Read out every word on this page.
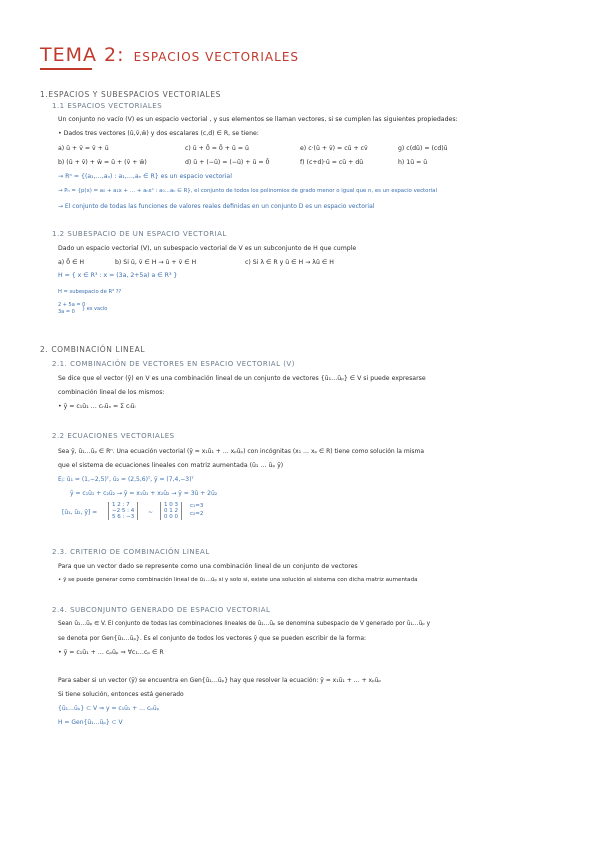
TEMA 2: ESPACIOS VECTORIALES
1.ESPACIOS Y SUBESPACIOS VECTORIALES
1.1 ESPACIOS VECTORIALES
Un conjunto no vacío (V) es un espacio vectorial , y sus elementos se llaman vectores, si se cumplen las siguientes propiedades:
• Dados tres vectores (ū,v̄,w̄) y dos escalares (c,d) ∈ R, se tiene:
a) ū + v̄ = v̄ + ū	c) ū + 0̄ = 0̄ + ū = ū	e) c·(ū + v̄) = cū + cv̄	g) c(dū) = (cd)ū
b) (ū + v̄) + w̄ = ū + (v̄ + w̄)	d) ū + (−ū) = (−ū) + ū = 0̄	f) (c+d)·ū = cū + dū	h) 1ū = ū
→ Rⁿ = {(a₁,…,aₙ) : a₁,…,aₙ ∈ R} es un espacio vectorial
→ Pₙ = {p(x) = a₀ + a₁x + … + aₙxⁿ : a₀…aₙ ∈ R}, el conjunto de todos los polinomios de grado menor o igual que n, es un espacio vectorial
→ El conjunto de todas las funciones de valores reales definidas en un conjunto D es un espacio vectorial
1.2 SUBESPACIO DE UN ESPACIO VECTORIAL
Dado un espacio vectorial (V), un subespacio vectorial de V es un subconjunto de H que cumple
a) 0̄ ∈ H	b) Si ū, v̄ ∈ H → ū + v̄ ∈ H	c) Si λ ∈ R y ū ∈ H → λū ∈ H
H = { x ∈ R³ : x = (3a, 2+5a) a ∈ R³ }
H = subespacio de R³ ??
2 + 5a = 0
3a = 0 } es vacío
2. COMBINACIÓN LINEAL
2.1. COMBINACIÓN DE VECTORES EN ESPACIO VECTORIAL (V)
Se dice que el vector (ȳ) en V es una combinación lineal de un conjunto de vectores {ū₁…ūₚ} ∈ V si puede expresarse
combinación lineal de los mismos:
• ȳ = c₁ū₁ … cₙūₙ = Σ cᵢūᵢ
2.2 ECUACIONES VECTORIALES
Sea ȳ, ū₁…ūₚ ∈ Rⁿ. Una ecuación vectorial (ȳ = x₁ū₁ + … xₚūₚ) con incógnitas (x₁ … xₚ ∈ R) tiene como solución la misma
que el sistema de ecuaciones lineales con matriz aumentada (ū₁ … ūₚ ȳ)
Eⱼ: ū₁ = (1,−2,5)ᵀ, ū₂ = (2,5,6)ᵀ, ȳ = (7,4,−3)ᵀ
ȳ = c₁ū₁ + c₂ū₂ → ȳ = x₁ū₁ + x₂ū₂ → ȳ = 3ū + 2ū₂
[ū₁, ū₂, ȳ] =
1 2 : 7
−2 5 : 4
5 6 : −3
~
1 0 3
0 1 2
0 0 0
c₁=3
c₂=2
2.3. CRITERIO DE COMBINACIÓN LINEAL
Para que un vector dado se represente como una combinación lineal de un conjunto de vectores
• ȳ se puede generar como combinación lineal de ū₁…ūₚ si y solo si, existe una solución al sistema con dicha matriz aumentada
2.4. SUBCONJUNTO GENERADO DE ESPACIO VECTORIAL
Sean ū₁…ūₚ ∈ V. El conjunto de todas las combinaciones lineales de ū₁…ūₚ se denomina subespacio de V generado por ū₁…ūₚ y
se denota por Gen{ū₁…ūₚ}. Es el conjunto de todos los vectores ȳ que se pueden escribir de la forma:
• ȳ = c₁ū₁ + … cₚūₚ ⇒ ∀c₁…cₚ ∈ R
Para saber si un vector (ȳ) se encuentra en Gen{ū₁…ūₚ} hay que resolver la ecuación: ȳ = x₁ū₁ + … + xₚūₚ
Si tiene solución, entonces está generado
{ū₁…ūₚ} ⊂ V ⇒ y = c₁ū₁ + … cₚūₚ
H = Gen{ū₁…ūₚ} ⊂ V
